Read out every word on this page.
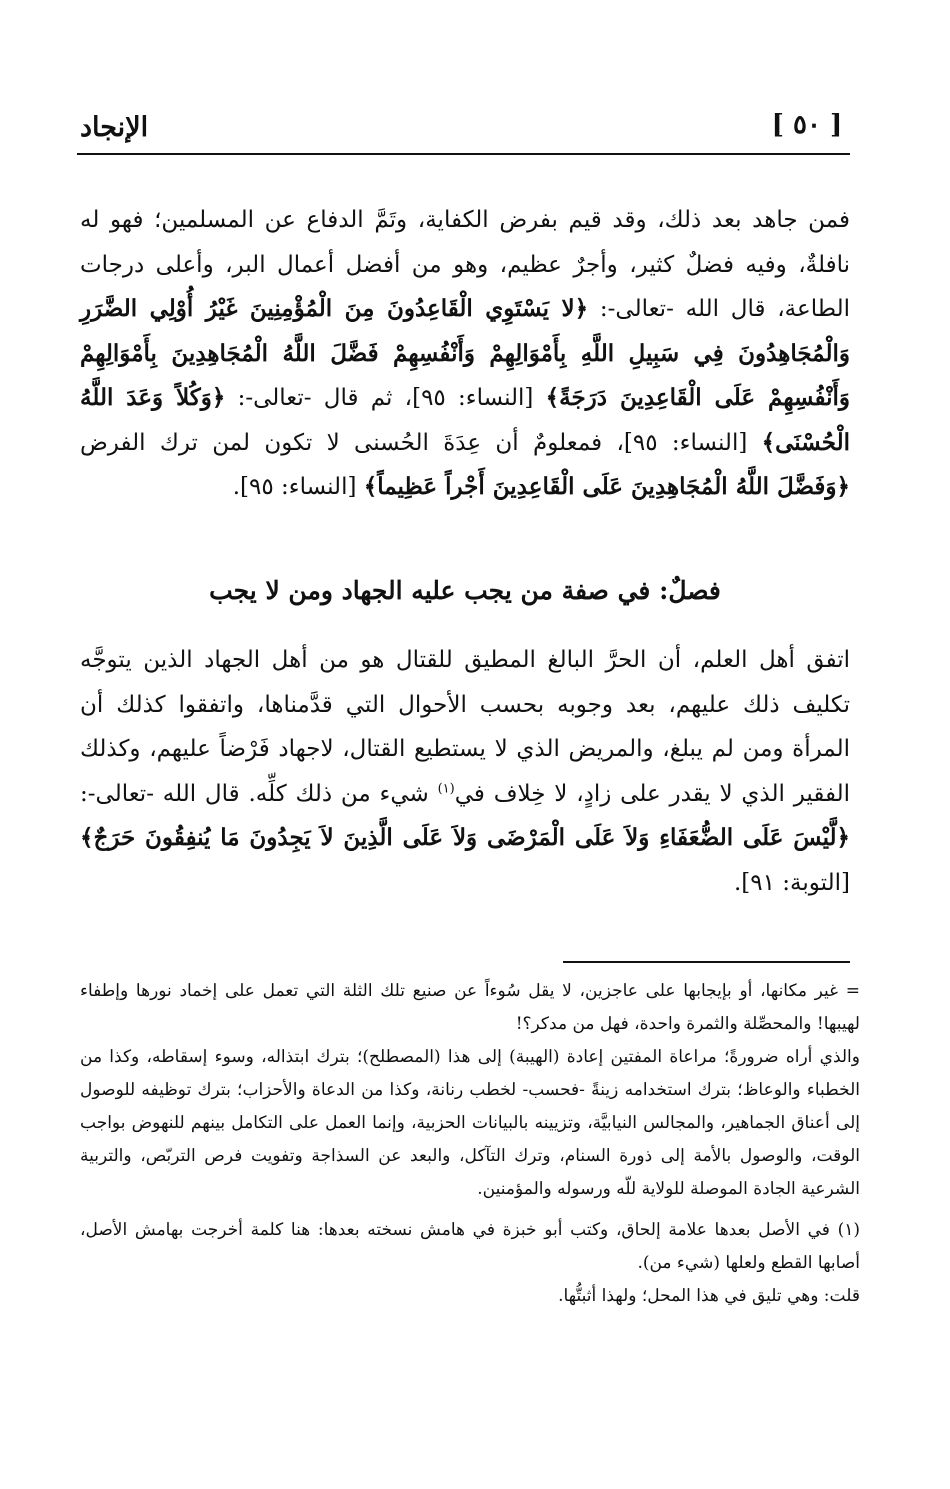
[ ٥٠ ]
الإنجاد
فمن جاهد بعد ذلك، وقد قيم بفرض الكفاية، وتَمَّ الدفاع عن المسلمين؛ فهو له نافلةٌ، وفيه فضلٌ كثير، وأجرٌ عظيم، وهو من أفضل أعمال البر، وأعلى درجات الطاعة، قال الله -تعالى-: ﴿لا يَسْتَوِي الْقَاعِدُونَ مِنَ الْمُؤْمِنِينَ غَيْرُ أُوْلِي الضَّرَرِ وَالْمُجَاهِدُونَ فِي سَبِيلِ اللَّهِ بِأَمْوَالِهِمْ وَأَنْفُسِهِمْ فَضَّلَ اللَّهُ الْمُجَاهِدِينَ بِأَمْوَالِهِمْ وَأَنْفُسِهِمْ عَلَى الْقَاعِدِينَ دَرَجَةً﴾ [النساء: ٩٥]، ثم قال -تعالى-: ﴿وَكُلاً وَعَدَ اللَّهُ الْحُسْنَى﴾ [النساء: ٩٥]، فمعلومٌ أن عِدَةَ الحُسنى لا تكون لمن ترك الفرض ﴿وَفَضَّلَ اللَّهُ الْمُجَاهِدِينَ عَلَى الْقَاعِدِينَ أَجْراً عَظِيماً﴾ [النساء: ٩٥].
فصلٌ: في صفة من يجب عليه الجهاد ومن لا يجب
اتفق أهل العلم، أن الحرَّ البالغ المطيق للقتال هو من أهل الجهاد الذين يتوجَّه تكليف ذلك عليهم، بعد وجوبه بحسب الأحوال التي قدَّمناها، واتفقوا كذلك أن المرأة ومن لم يبلغ، والمريض الذي لا يستطيع القتال، لاجهاد فَرْضاً عليهم، وكذلك الفقير الذي لا يقدر على زادٍ، لا خِلاف في$^{(١)}$ شيء من ذلك كلِّه. قال الله -تعالى-: ﴿لَّيْسَ عَلَى الضُّعَفَاءِ وَلاَ عَلَى الْمَرْضَى وَلاَ عَلَى الَّذِينَ لاَ يَجِدُونَ مَا يُنفِقُونَ حَرَجٌ﴾ [التوبة: ٩١].

= غير مكانها، أو بإيجابها على عاجزين، لا يقل سُوءاً عن صنيع تلك الثلة التي تعمل على إخماد نورها وإطفاء لهيبها! والمحصِّلة والثمرة واحدة، فهل من مدكر؟!

والذي أراه ضرورةً؛ مراعاة المفتين إعادة (الهيبة) إلى هذا (المصطلح)؛ بترك ابتذاله، وسوء إسقاطه، وكذا من الخطباء والوعاظ؛ بترك استخدامه زينةً -فحسب- لخطب رنانة، وكذا من الدعاة والأحزاب؛ بترك توظيفه للوصول إلى أعناق الجماهير، والمجالس النيابيَّة، وتزيينه بالبيانات الحزبية، وإنما العمل على التكامل بينهم للنهوض بواجب الوقت، والوصول بالأمة إلى ذورة السنام، وترك التآكل، والبعد عن السذاجة وتفويت فرص التربّص، والتربية الشرعية الجادة الموصلة للولاية للّه ورسوله والمؤمنين.

(١) في الأصل بعدها علامة إلحاق، وكتب أبو خبزة في هامش نسخته بعدها: هنا كلمة أخرجت بهامش الأصل، أصابها القطع ولعلها (شيء من).

قلت: وهي تليق في هذا المحل؛ ولهذا أثبتُّها.
